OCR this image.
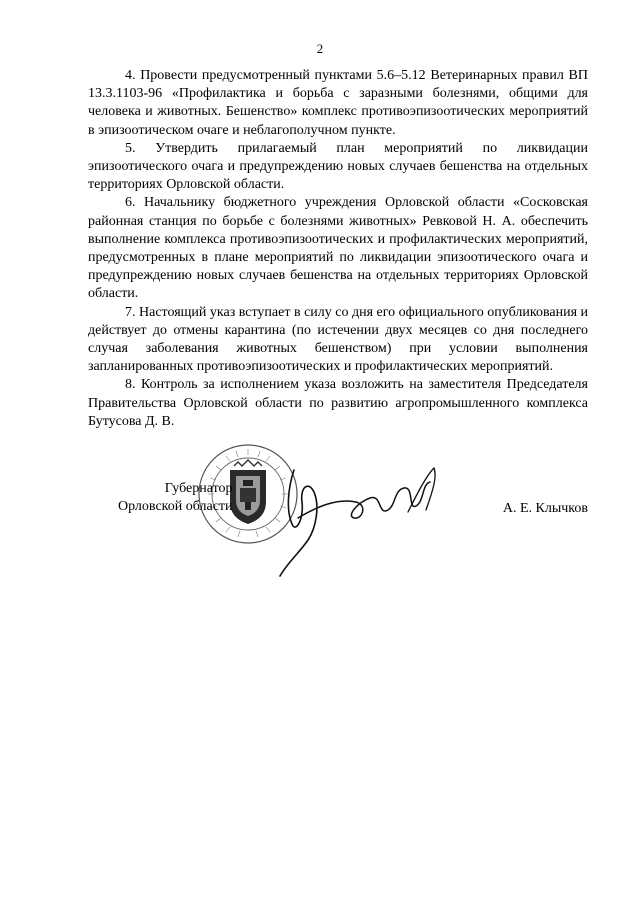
2

4. Провести предусмотренный пунктами 5.6–5.12 Ветеринарных правил ВП 13.3.1103-96 «Профилактика и борьба с заразными болезнями, общими для человека и животных. Бешенство» комплекс противоэпизоотических мероприятий в эпизоотическом очаге и неблагополучном пункте.

5. Утвердить прилагаемый план мероприятий по ликвидации эпизоотического очага и предупреждению новых случаев бешенства на отдельных территориях Орловской области.

6. Начальнику бюджетного учреждения Орловской области «Сосковская районная станция по борьбе с болезнями животных» Ревковой Н. А. обеспечить выполнение комплекса противоэпизоотических и профилактических мероприятий, предусмотренных в плане мероприятий по ликвидации эпизоотического очага и предупреждению новых случаев бешенства на отдельных территориях Орловской области.

7. Настоящий указ вступает в силу со дня его официального опубликования и действует до отмены карантина (по истечении двух месяцев со дня последнего случая заболевания животных бешенством) при условии выполнения запланированных противоэпизоотических и профилактических мероприятий.

8. Контроль за исполнением указа возложить на заместителя Председателя Правительства Орловской области по развитию агропромышленного комплекса Бутусова Д. В.

Губернатор
Орловской области	А. Е. Клычков
